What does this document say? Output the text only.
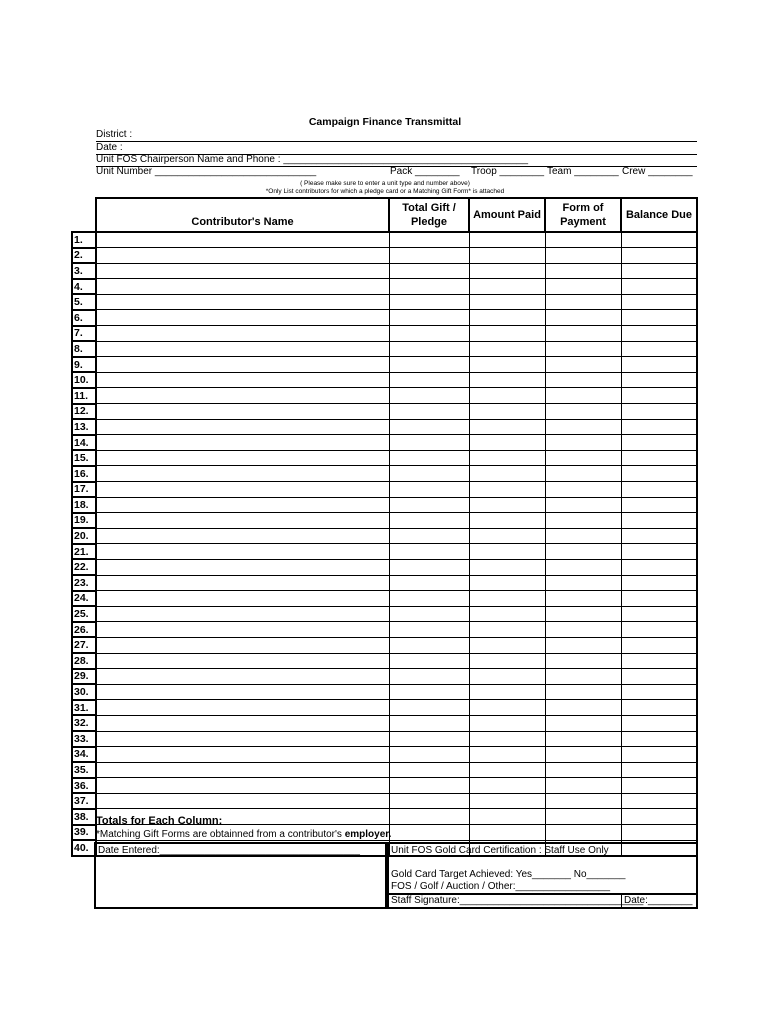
Campaign Finance Transmittal
District :
Date :
Unit FOS Chairperson Name and Phone : ____________________________________________
Unit Number _____________________________	Pack ________ Troop ________ Team ________ Crew ________
( Please make sure to enter a unit type and number above)
*Only List contributors for which a pledge card or a Matching Gift Form* is attached
	Contributor's Name	Total Gift / Pledge	Amount Paid	Form of Payment	Balance Due
1.					
2.					
3.					
4.					
5.					
6.					
7.					
8.					
9.					
10.					
11.					
12.					
13.					
14.					
15.					
16.					
17.					
18.					
19.					
20.					
21.					
22.					
23.					
24.					
25.					
26.					
27.					
28.					
29.					
30.					
31.					
32.					
33.					
34.					
35.					
36.					
37.					
38.					
39.					
40.					
Totals for Each Column:
*Matching Gift Forms are obtainned from a contributor's employer.
Date Entered:____________________________________	Unit FOS Gold Card Certification : Staff Use Only
Gold Card Target Achieved: Yes_______ No_______
FOS / Golf / Auction / Other:_________________
Staff Signature:_________________________________
Date:________
